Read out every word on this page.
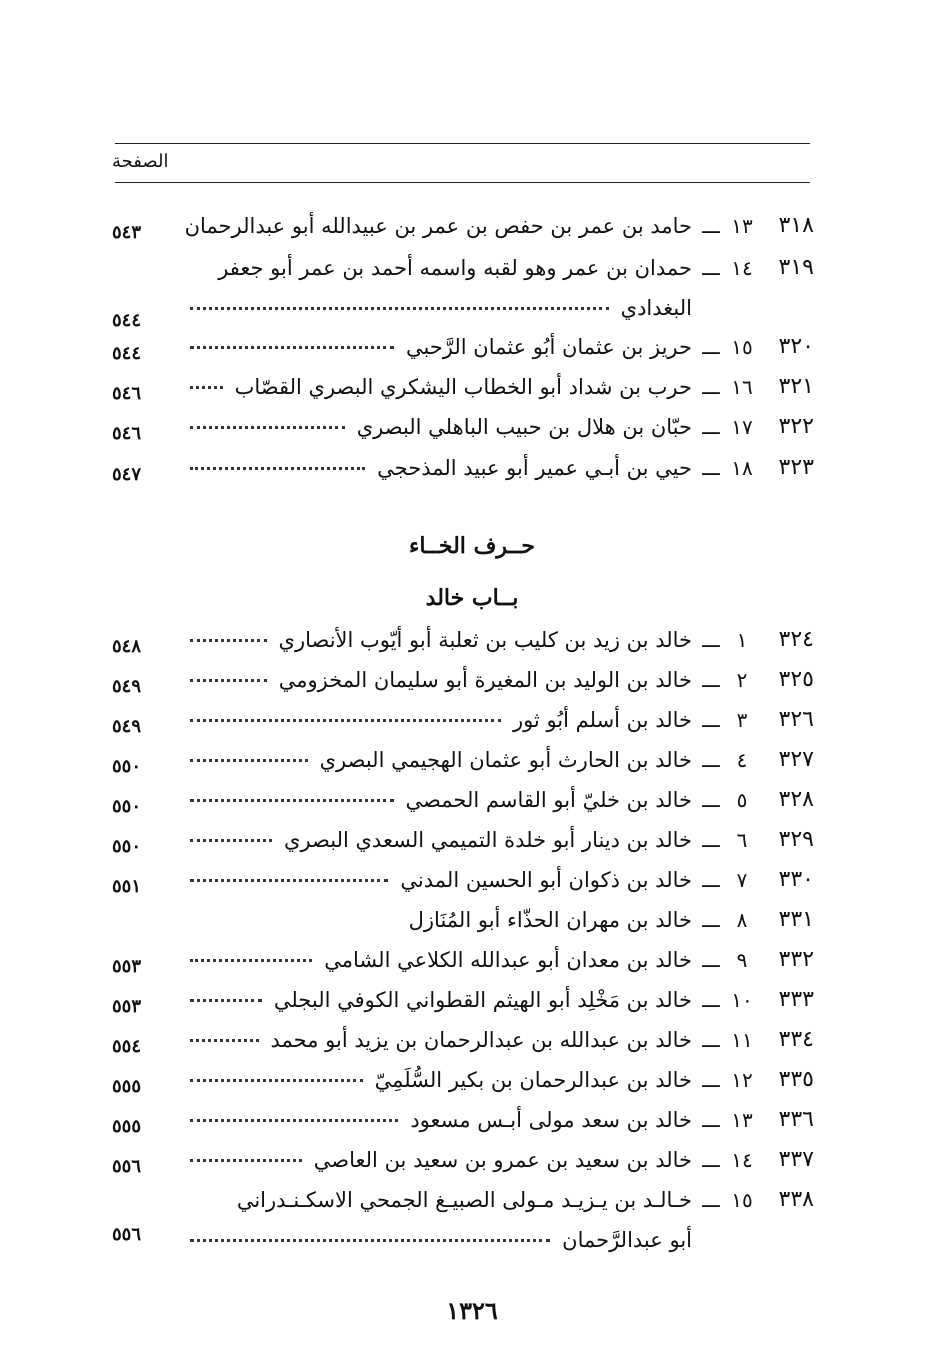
الصفحة
٣١٨
١٣
ـــ
حامد بن عمر بن حفص بن عمر بن عبيدالله أبو عبدالرحمان
٥٤٣
٣١٩
١٤
ـــ
حمدان بن عمر وهو لقبه واسمه أحمد بن عمر أبو جعفر
البغدادي
٥٤٤
٣٢٠
١٥
ـــ
حريز بن عثمان أبُو عثمان الرَّحبي
٥٤٤
٣٢١
١٦
ـــ
حرب بن شداد أبو الخطاب اليشكري البصري القصّاب
٥٤٦
٣٢٢
١٧
ـــ
حبّان بن هلال بن حبيب الباهلي البصري
٥٤٦
٣٢٣
١٨
ـــ
حيي بن أبـي عمير أبو عبيد المذحجي
٥٤٧
حــرف الخــاء
بــاب خالد
٣٢٤
١
ـــ
خالد بن زيد بن كليب بن ثعلبة أبو أيّوب الأنصاري
٥٤٨
٣٢٥
٢
ـــ
خالد بن الوليد بن المغيرة أبو سليمان المخزومي
٥٤٩
٣٢٦
٣
ـــ
خالد بن أسلم أبُو ثور
٥٤٩
٣٢٧
٤
ـــ
خالد بن الحارث أبو عثمان الهجيمي البصري
٥٥٠
٣٢٨
٥
ـــ
خالد بن خليّ أبو القاسم الحمصي
٥٥٠
٣٢٩
٦
ـــ
خالد بن دينار أبو خلدة التميمي السعدي البصري
٥٥٠
٣٣٠
٧
ـــ
خالد بن ذكوان أبو الحسين المدني
٥٥١
٣٣١
٨
ـــ
خالد بن مهران الحذّاء أبو المُنَازل
٣٣٢
٩
ـــ
خالد بن معدان أبو عبدالله الكلاعي الشامي
٥٥٣
٣٣٣
١٠
ـــ
خالد بن مَخْلِد أبو الهيثم القطواني الكوفي البجلي
٥٥٣
٣٣٤
١١
ـــ
خالد بن عبدالله بن عبدالرحمان بن يزيد أبو محمد
٥٥٤
٣٣٥
١٢
ـــ
خالد بن عبدالرحمان بن بكير السُّلَمِيّ
٥٥٥
٣٣٦
١٣
ـــ
خالد بن سعد مولى أبـس مسعود
٥٥٥
٣٣٧
١٤
ـــ
خالد بن سعيد بن عمرو بن سعيد بن العاصي
٥٥٦
٣٣٨
١٥
ـــ
خـالـد بن يـزيـد مـولى الصبيـغ الجمحي الاسكـنـدراني
أبو عبدالرَّحمان
٥٥٦
١٣٢٦
